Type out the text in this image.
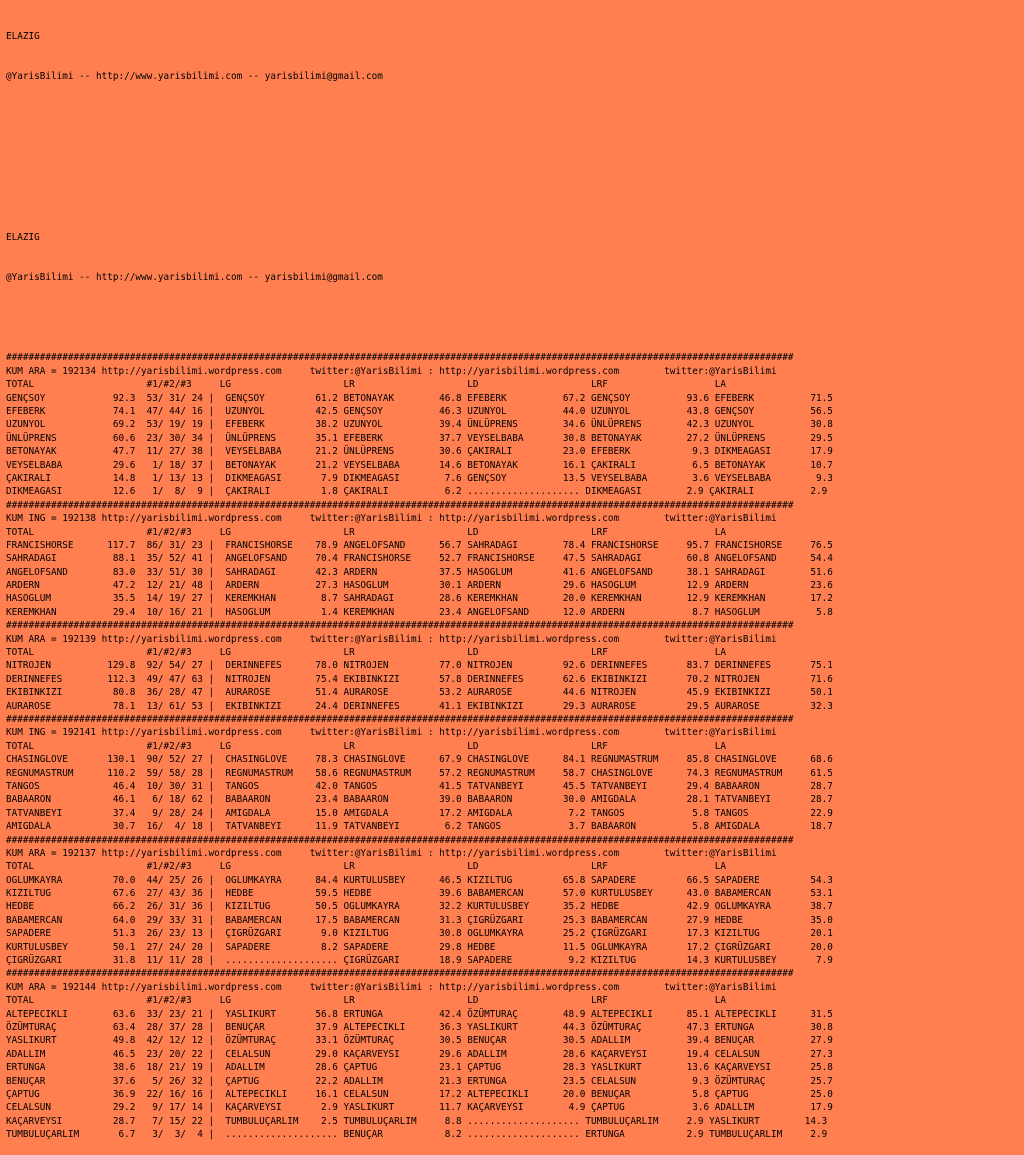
ELAZIG

@YarisBilimi -- http://www.yarisbilimi.com -- yarisbilimi@gmail.com

ELAZIG

@YarisBilimi -- http://www.yarisbilimi.com -- yarisbilimi@gmail.com

############################################################################################################################################
KUM ARA = 192134 http://yarisbilimi.wordpress.com     twitter:@YarisBilimi : http://yarisbilimi.wordpress.com        twitter:@YarisBilimi
TOTAL                    #1/#2/#3     LG                    LR                    LD                    LRF                   LA
GENÇSOY            92.3  53/ 31/ 24 |  GENÇSOY         61.2 BETONAYAK        46.8 EFEBERK          67.2 GENÇSOY          93.6 EFEBERK          71.5
EFEBERK            74.1  47/ 44/ 16 |  UZUNYOL         42.5 GENÇSOY          46.3 UZUNYOL          44.0 UZUNYOL          43.8 GENÇSOY          56.5
UZUNYOL            69.2  53/ 19/ 19 |  EFEBERK         38.2 UZUNYOL          39.4 ÜNLÜPRENS        34.6 ÜNLÜPRENS        42.3 UZUNYOL          30.8
ÜNLÜPRENS          60.6  23/ 30/ 34 |  ÜNLÜPRENS       35.1 EFEBERK          37.7 VEYSELBABA       30.8 BETONAYAK        27.2 ÜNLÜPRENS        29.5
BETONAYAK          47.7  11/ 27/ 38 |  VEYSELBABA      21.2 ÜNLÜPRENS        30.6 ÇAKIRALI         23.0 EFEBERK           9.3 DIKMEAGASI       17.9
VEYSELBABA         29.6   1/ 18/ 37 |  BETONAYAK       21.2 VEYSELBABA       14.6 BETONAYAK        16.1 ÇAKIRALI          6.5 BETONAYAK        10.7
ÇAKIRALI           14.8   1/ 13/ 13 |  DIKMEAGASI       7.9 DIKMEAGASI        7.6 GENÇSOY          13.5 VEYSELBABA        3.6 VEYSELBABA        9.3
DIKMEAGASI         12.6   1/  8/  9 |  ÇAKIRALI         1.8 ÇAKIRALI          6.2 .................... DIKMEAGASI        2.9 ÇAKIRALI          2.9
############################################################################################################################################
KUM ING = 192138 http://yarisbilimi.wordpress.com     twitter:@YarisBilimi : http://yarisbilimi.wordpress.com        twitter:@YarisBilimi
TOTAL                    #1/#2/#3     LG                    LR                    LD                    LRF                   LA
FRANCISHORSE      117.7  86/ 31/ 23 |  FRANCISHORSE    78.9 ANGELOFSAND      56.7 SAHRADAGI        78.4 FRANCISHORSE     95.7 FRANCISHORSE     76.5
SAHRADAGI          88.1  35/ 52/ 41 |  ANGELOFSAND     70.4 FRANCISHORSE     52.7 FRANCISHORSE     47.5 SAHRADAGI        60.8 ANGELOFSAND      54.4
ANGELOFSAND        83.0  33/ 51/ 30 |  SAHRADAGI       42.3 ARDERN           37.5 HASOGLUM         41.6 ANGELOFSAND      38.1 SAHRADAGI        51.6
ARDERN             47.2  12/ 21/ 48 |  ARDERN          27.3 HASOGLUM         30.1 ARDERN           29.6 HASOGLUM         12.9 ARDERN           23.6
HASOGLUM           35.5  14/ 19/ 27 |  KEREMKHAN        8.7 SAHRADAGI        28.6 KEREMKHAN        20.0 KEREMKHAN        12.9 KEREMKHAN        17.2
KEREMKHAN          29.4  10/ 16/ 21 |  HASOGLUM         1.4 KEREMKHAN        23.4 ANGELOFSAND      12.0 ARDERN            8.7 HASOGLUM          5.8
############################################################################################################################################
KUM ARA = 192139 http://yarisbilimi.wordpress.com     twitter:@YarisBilimi : http://yarisbilimi.wordpress.com        twitter:@YarisBilimi
TOTAL                    #1/#2/#3     LG                    LR                    LD                    LRF                   LA
NITROJEN          129.8  92/ 54/ 27 |  DERINNEFES      78.0 NITROJEN         77.0 NITROJEN         92.6 DERINNEFES       83.7 DERINNEFES       75.1
DERINNEFES        112.3  49/ 47/ 63 |  NITROJEN        75.4 EKIBINKIZI       57.8 DERINNEFES       62.6 EKIBINKIZI       70.2 NITROJEN         71.6
EKIBINKIZI         80.8  36/ 28/ 47 |  AURAROSE        51.4 AURAROSE         53.2 AURAROSE         44.6 NITROJEN         45.9 EKIBINKIZI       50.1
AURAROSE           78.1  13/ 61/ 53 |  EKIBINKIZI      24.4 DERINNEFES       41.1 EKIBINKIZI       29.3 AURAROSE         29.5 AURAROSE         32.3
############################################################################################################################################
KUM ING = 192141 http://yarisbilimi.wordpress.com     twitter:@YarisBilimi : http://yarisbilimi.wordpress.com        twitter:@YarisBilimi
TOTAL                    #1/#2/#3     LG                    LR                    LD                    LRF                   LA
CHASINGLOVE       130.1  90/ 52/ 27 |  CHASINGLOVE     78.3 CHASINGLOVE      67.9 CHASINGLOVE      84.1 REGNUMASTRUM     85.8 CHASINGLOVE      68.6
REGNUMASTRUM      110.2  59/ 58/ 28 |  REGNUMASTRUM    58.6 REGNUMASTRUM     57.2 REGNUMASTRUM     58.7 CHASINGLOVE      74.3 REGNUMASTRUM     61.5
TANGOS             46.4  10/ 30/ 31 |  TANGOS          42.0 TANGOS           41.5 TATVANBEYI       45.5 TATVANBEYI       29.4 BABAARON         28.7
BABAARON           46.1   6/ 18/ 62 |  BABAARON        23.4 BABAARON         39.0 BABAARON         30.0 AMIGDALA         28.1 TATVANBEYI       28.7
TATVANBEYI         37.4   9/ 28/ 24 |  AMIGDALA        15.0 AMIGDALA         17.2 AMIGDALA          7.2 TANGOS            5.8 TANGOS           22.9
AMIGDALA           30.7  16/  4/ 18 |  TATVANBEYI      11.9 TATVANBEYI        6.2 TANGOS            3.7 BABAARON          5.8 AMIGDALA         18.7
############################################################################################################################################
KUM ARA = 192137 http://yarisbilimi.wordpress.com     twitter:@YarisBilimi : http://yarisbilimi.wordpress.com        twitter:@YarisBilimi
TOTAL                    #1/#2/#3     LG                    LR                    LD                    LRF                   LA
OGLUMKAYRA         70.0  44/ 25/ 26 |  OGLUMKAYRA      84.4 KURTULUSBEY      46.5 KIZILTUG         65.8 SAPADERE         66.5 SAPADERE         54.3
KIZILTUG           67.6  27/ 43/ 36 |  HEDBE           59.5 HEDBE            39.6 BABAMERCAN       57.0 KURTULUSBEY      43.0 BABAMERCAN       53.1
HEDBE              66.2  26/ 31/ 36 |  KIZILTUG        50.5 OGLUMKAYRA       32.2 KURTULUSBEY      35.2 HEDBE            42.9 OGLUMKAYRA       38.7
BABAMERCAN         64.0  29/ 33/ 31 |  BABAMERCAN      17.5 BABAMERCAN       31.3 ÇIGRÜZGARI       25.3 BABAMERCAN       27.9 HEDBE            35.0
SAPADERE           51.3  26/ 23/ 13 |  ÇIGRÜZGARI       9.0 KIZILTUG         30.8 OGLUMKAYRA       25.2 ÇIGRÜZGARI       17.3 KIZILTUG         20.1
KURTULUSBEY        50.1  27/ 24/ 20 |  SAPADERE         8.2 SAPADERE         29.8 HEDBE            11.5 OGLUMKAYRA       17.2 ÇIGRÜZGARI       20.0
ÇIGRÜZGARI         31.8  11/ 11/ 28 |  .................... ÇIGRÜZGARI       18.9 SAPADERE          9.2 KIZILTUG         14.3 KURTULUSBEY       7.9
############################################################################################################################################
KUM ARA = 192144 http://yarisbilimi.wordpress.com     twitter:@YarisBilimi : http://yarisbilimi.wordpress.com        twitter:@YarisBilimi
TOTAL                    #1/#2/#3     LG                    LR                    LD                    LRF                   LA
ALTEPECIKLI        63.6  33/ 23/ 21 |  YASLIKURT       56.8 ERTUNGA          42.4 ÖZÜMTURAÇ        48.9 ALTEPECIKLI      85.1 ALTEPECIKLI      31.5
ÖZÜMTURAÇ          63.4  28/ 37/ 28 |  BENUÇAR         37.9 ALTEPECIKLI      36.3 YASLIKURT        44.3 ÖZÜMTURAÇ        47.3 ERTUNGA          30.8
YASLIKURT          49.8  42/ 12/ 12 |  ÖZÜMTURAÇ       33.1 ÖZÜMTURAÇ        30.5 BENUÇAR          30.5 ADALLIM          39.4 BENUÇAR          27.9
ADALLIM            46.5  23/ 20/ 22 |  CELALSUN        29.0 KAÇARVEYSI       29.6 ADALLIM          28.6 KAÇARVEYSI       19.4 CELALSUN         27.3
ERTUNGA            38.6  18/ 21/ 19 |  ADALLIM         28.6 ÇAPTUG           23.1 ÇAPTUG           28.3 YASLIKURT        13.6 KAÇARVEYSI       25.8
BENUÇAR            37.6   5/ 26/ 32 |  ÇAPTUG          22.2 ADALLIM          21.3 ERTUNGA          23.5 CELALSUN          9.3 ÖZÜMTURAÇ        25.7
ÇAPTUG             36.9  22/ 16/ 16 |  ALTEPECIKLI     16.1 CELALSUN         17.2 ALTEPECIKLI      20.0 BENUÇAR           5.8 ÇAPTUG           25.0
CELALSUN           29.2   9/ 17/ 14 |  KAÇARVEYSI       2.9 YASLIKURT        11.7 KAÇARVEYSI        4.9 ÇAPTUG            3.6 ADALLIM          17.9
KAÇARVEYSI         28.7   7/ 15/ 22 |  TUMBULUÇARLIM    2.5 TUMBULUÇARLIM     8.8 .................... TUMBULUÇARLIM     2.9 YASLIKURT        14.3
TUMBULUÇARLIM       6.7   3/  3/  4 |  .................... BENUÇAR           8.2 .................... ERTUNGA           2.9 TUMBULUÇARLIM     2.9
